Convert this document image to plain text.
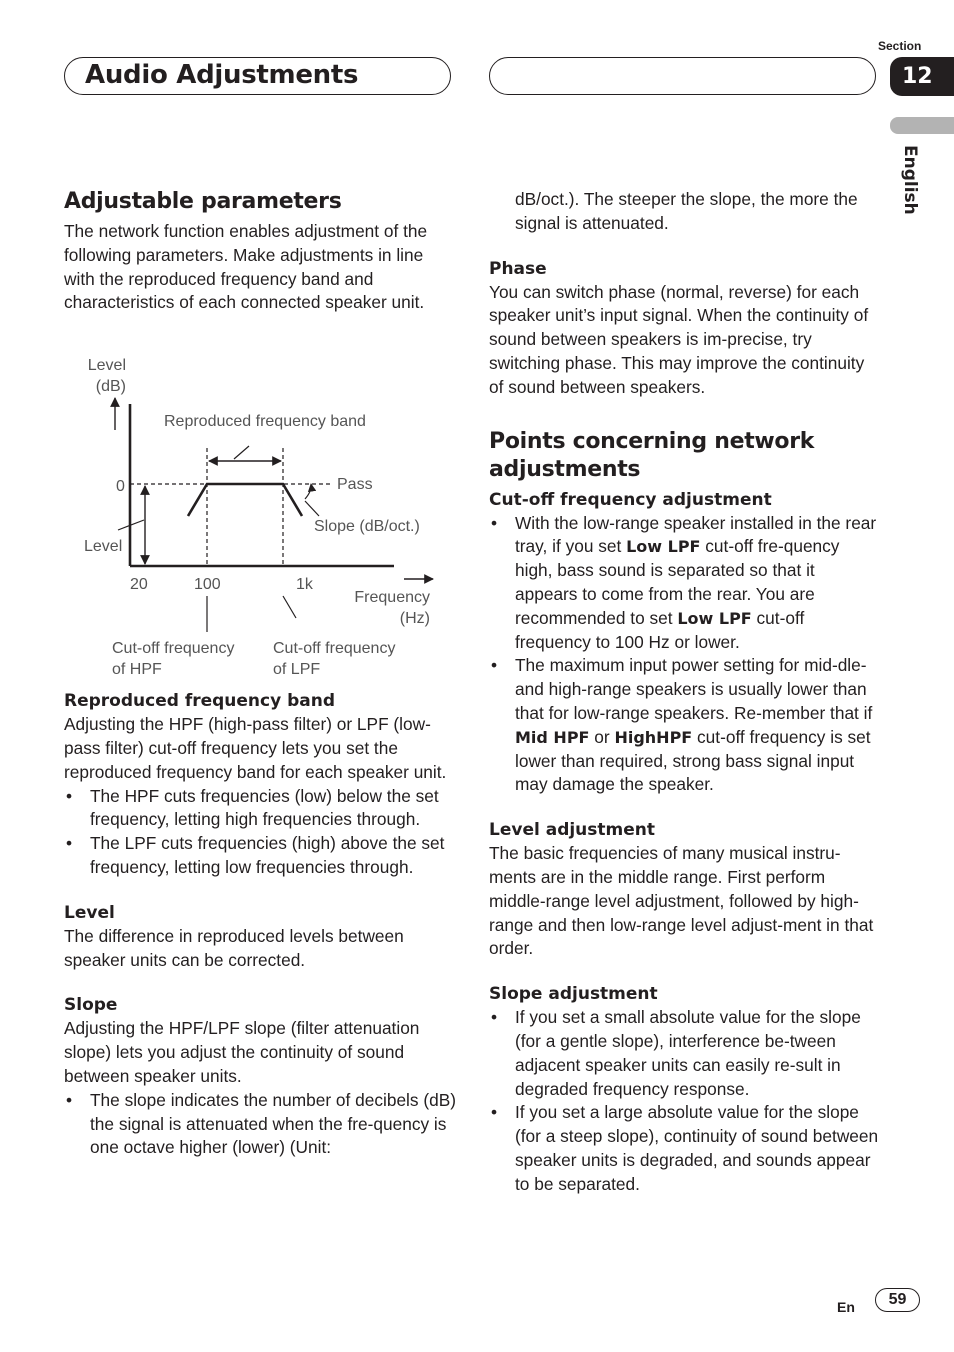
Audio Adjustments
Section
12
English
Adjustable parameters

The network function enables adjustment of the following parameters. Make adjustments in line with the reproduced frequency band and characteristics of each connected speaker unit.

Reproduced frequency band

Adjusting the HPF (high-pass filter) or LPF (low-pass filter) cut-off frequency lets you set the reproduced frequency band for each speaker unit.

• The HPF cuts frequencies (low) below the set frequency, letting high frequencies through.
• The LPF cuts frequencies (high) above the set frequency, letting low frequencies through.
Level

The difference in reproduced levels between speaker units can be corrected.

Slope

Adjusting the HPF/LPF slope (filter attenuation slope) lets you adjust the continuity of sound between speaker units.

• The slope indicates the number of decibels (dB) the signal is attenuated when the fre-quency is one octave higher (lower) (Unit:
Level
(dB)
Reproduced frequency band
0	Pass
Level
Slope (dB/oct.)
20	100	1k
Frequency
(Hz)
Cut-off frequency
of HPF
Cut-off frequency
of LPF

dB/oct.). The steeper the slope, the more the signal is attenuated.

Phase

You can switch phase (normal, reverse) for each speaker unit’s input signal. When the continuity of sound between speakers is im-precise, try switching phase. This may improve the continuity of sound between speakers.

Points concerning network adjustments
Cut-off frequency adjustment
• With the low-range speaker installed in the rear tray, if you set Low LPF cut-off fre-quency high, bass sound is separated so that it appears to come from the rear. You are recommended to set Low LPF cut-off frequency to 100 Hz or lower.
• The maximum input power setting for mid-dle- and high-range speakers is usually lower than that for low-range speakers. Re-member that if Mid HPF or HighHPF cut-off frequency is set lower than required, strong bass signal input may damage the speaker.
Level adjustment

The basic frequencies of many musical instru-ments are in the middle range. First perform middle-range level adjustment, followed by high-range and then low-range level adjust-ment in that order.

Slope adjustment
• If you set a small absolute value for the slope (for a gentle slope), interference be-tween adjacent speaker units can easily re-sult in degraded frequency response.
• If you set a large absolute value for the slope (for a steep slope), continuity of sound between speaker units is degraded, and sounds appear to be separated.
En	59
